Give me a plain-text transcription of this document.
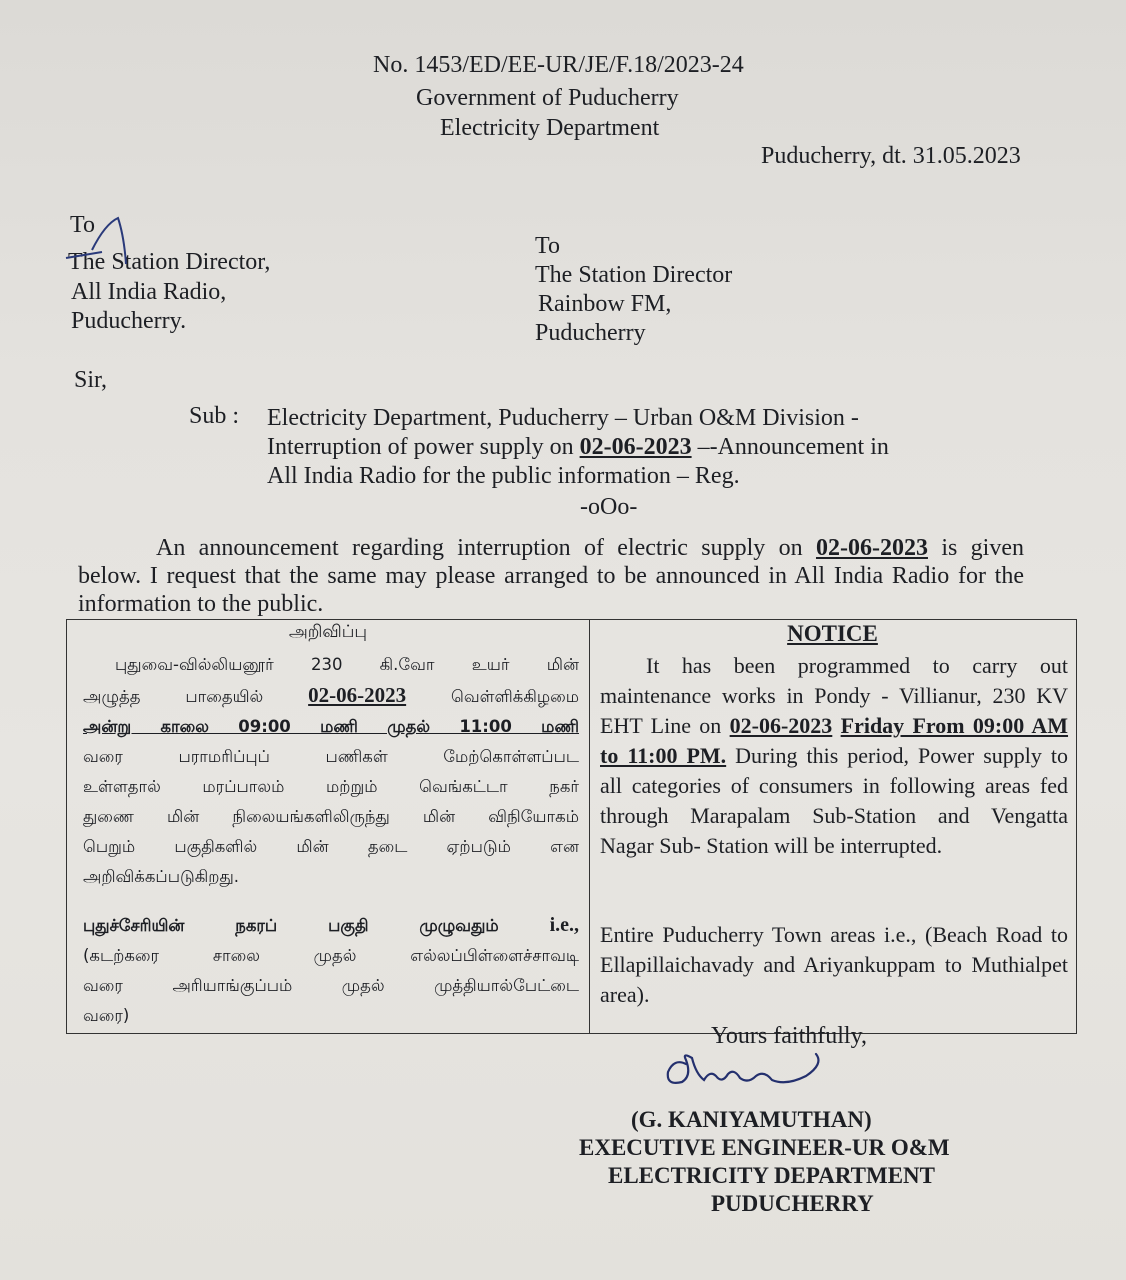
No. 1453/ED/EE-UR/JE/F.18/2023-24
Government of Puducherry
Electricity Department
Puducherry, dt. 31.05.2023
To
The Station Director,
All India Radio,
Puducherry.
To
The Station Director
Rainbow FM,
Puducherry
Sir,
Sub : Electricity Department, Puducherry – Urban O&M Division -
Interruption of power supply on 02-06-2023 –-Announcement in
All India Radio for the public information – Reg.
-oOo-
An announcement regarding interruption of electric supply on 02-06-2023 is given
below. I request that the same may please arranged to be announced in All India Radio for the
information to the public.
அறிவிப்பு	NOTICE
புதுவை-வில்லியனூர் 230 கி.வோ உயர் மின்
அழுத்த பாதையில் 02-06-2023 வெள்ளிக்கிழமை
அன்று காலை 09:00 மணி முதல் 11:00 மணி
வரை பராமரிப்புப் பணிகள் மேற்கொள்ளப்பட
உள்ளதால் மரப்பாலம் மற்றும் வெங்கட்டா நகர்
துணை மின் நிலையங்களிலிருந்து மின் விநியோகம்
பெறும் பகுதிகளில் மின் தடை ஏற்படும் என
அறிவிக்கப்படுகிறது.
புதுச்சேரியின் நகரப் பகுதி முழுவதும் i.e.,
(கடற்கரை சாலை முதல் எல்லப்பிள்ளைச்சாவடி
வரை அரியாங்குப்பம் முதல் முத்தியால்பேட்டை
வரை)
It has been programmed to carry out
maintenance works in Pondy - Villianur, 230 KV
EHT Line on 02-06-2023 Friday From 09:00 AM
to 11:00 PM. During this period, Power supply to
all categories of consumers in following areas fed
through Marapalam Sub-Station and Vengatta
Nagar Sub- Station will be interrupted.
Entire Puducherry Town areas i.e., (Beach Road to
Ellapillaichavady and Ariyankuppam to Muthialpet
area).
Yours faithfully,
(G. KANIYAMUTHAN)
EXECUTIVE ENGINEER-UR O&M
ELECTRICITY DEPARTMENT
PUDUCHERRY
